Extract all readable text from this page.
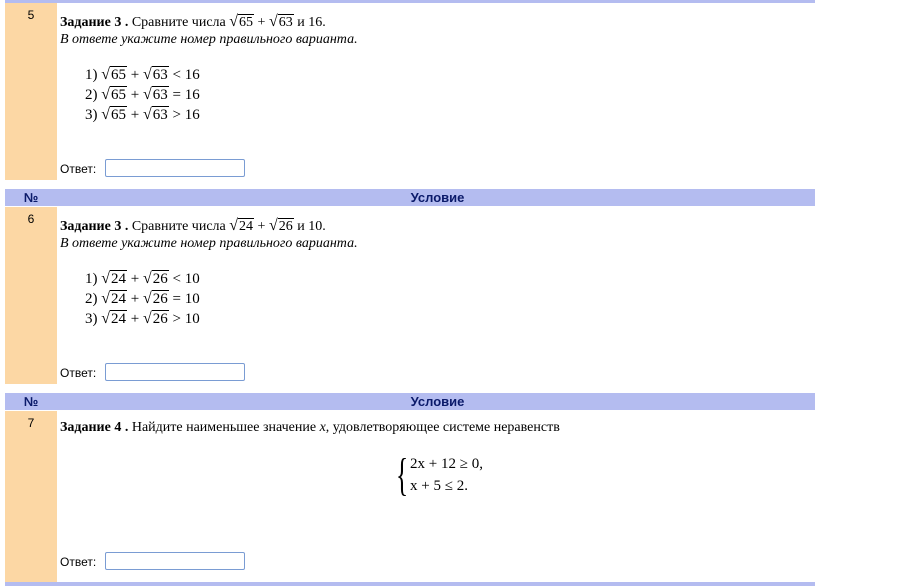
5	Задание 3 . Сравните числа √65 + √63 и 16.
В ответе укажите номер правильного варианта.
1) √65 + √63 < 16
2) √65 + √63 = 16
3) √65 + √63 > 16
Ответ:
№	Условие
6	Задание 3 . Сравните числа √24 + √26 и 10.
В ответе укажите номер правильного варианта.
1) √24 + √26 < 10
2) √24 + √26 = 10
3) √24 + √26 > 10
Ответ:
№	Условие
7	Задание 4 . Найдите наименьшее значение x, удовлетворяющее системе неравенств
{ 2x + 12 ≥ 0,
x + 5 ≤ 2.
Ответ:
